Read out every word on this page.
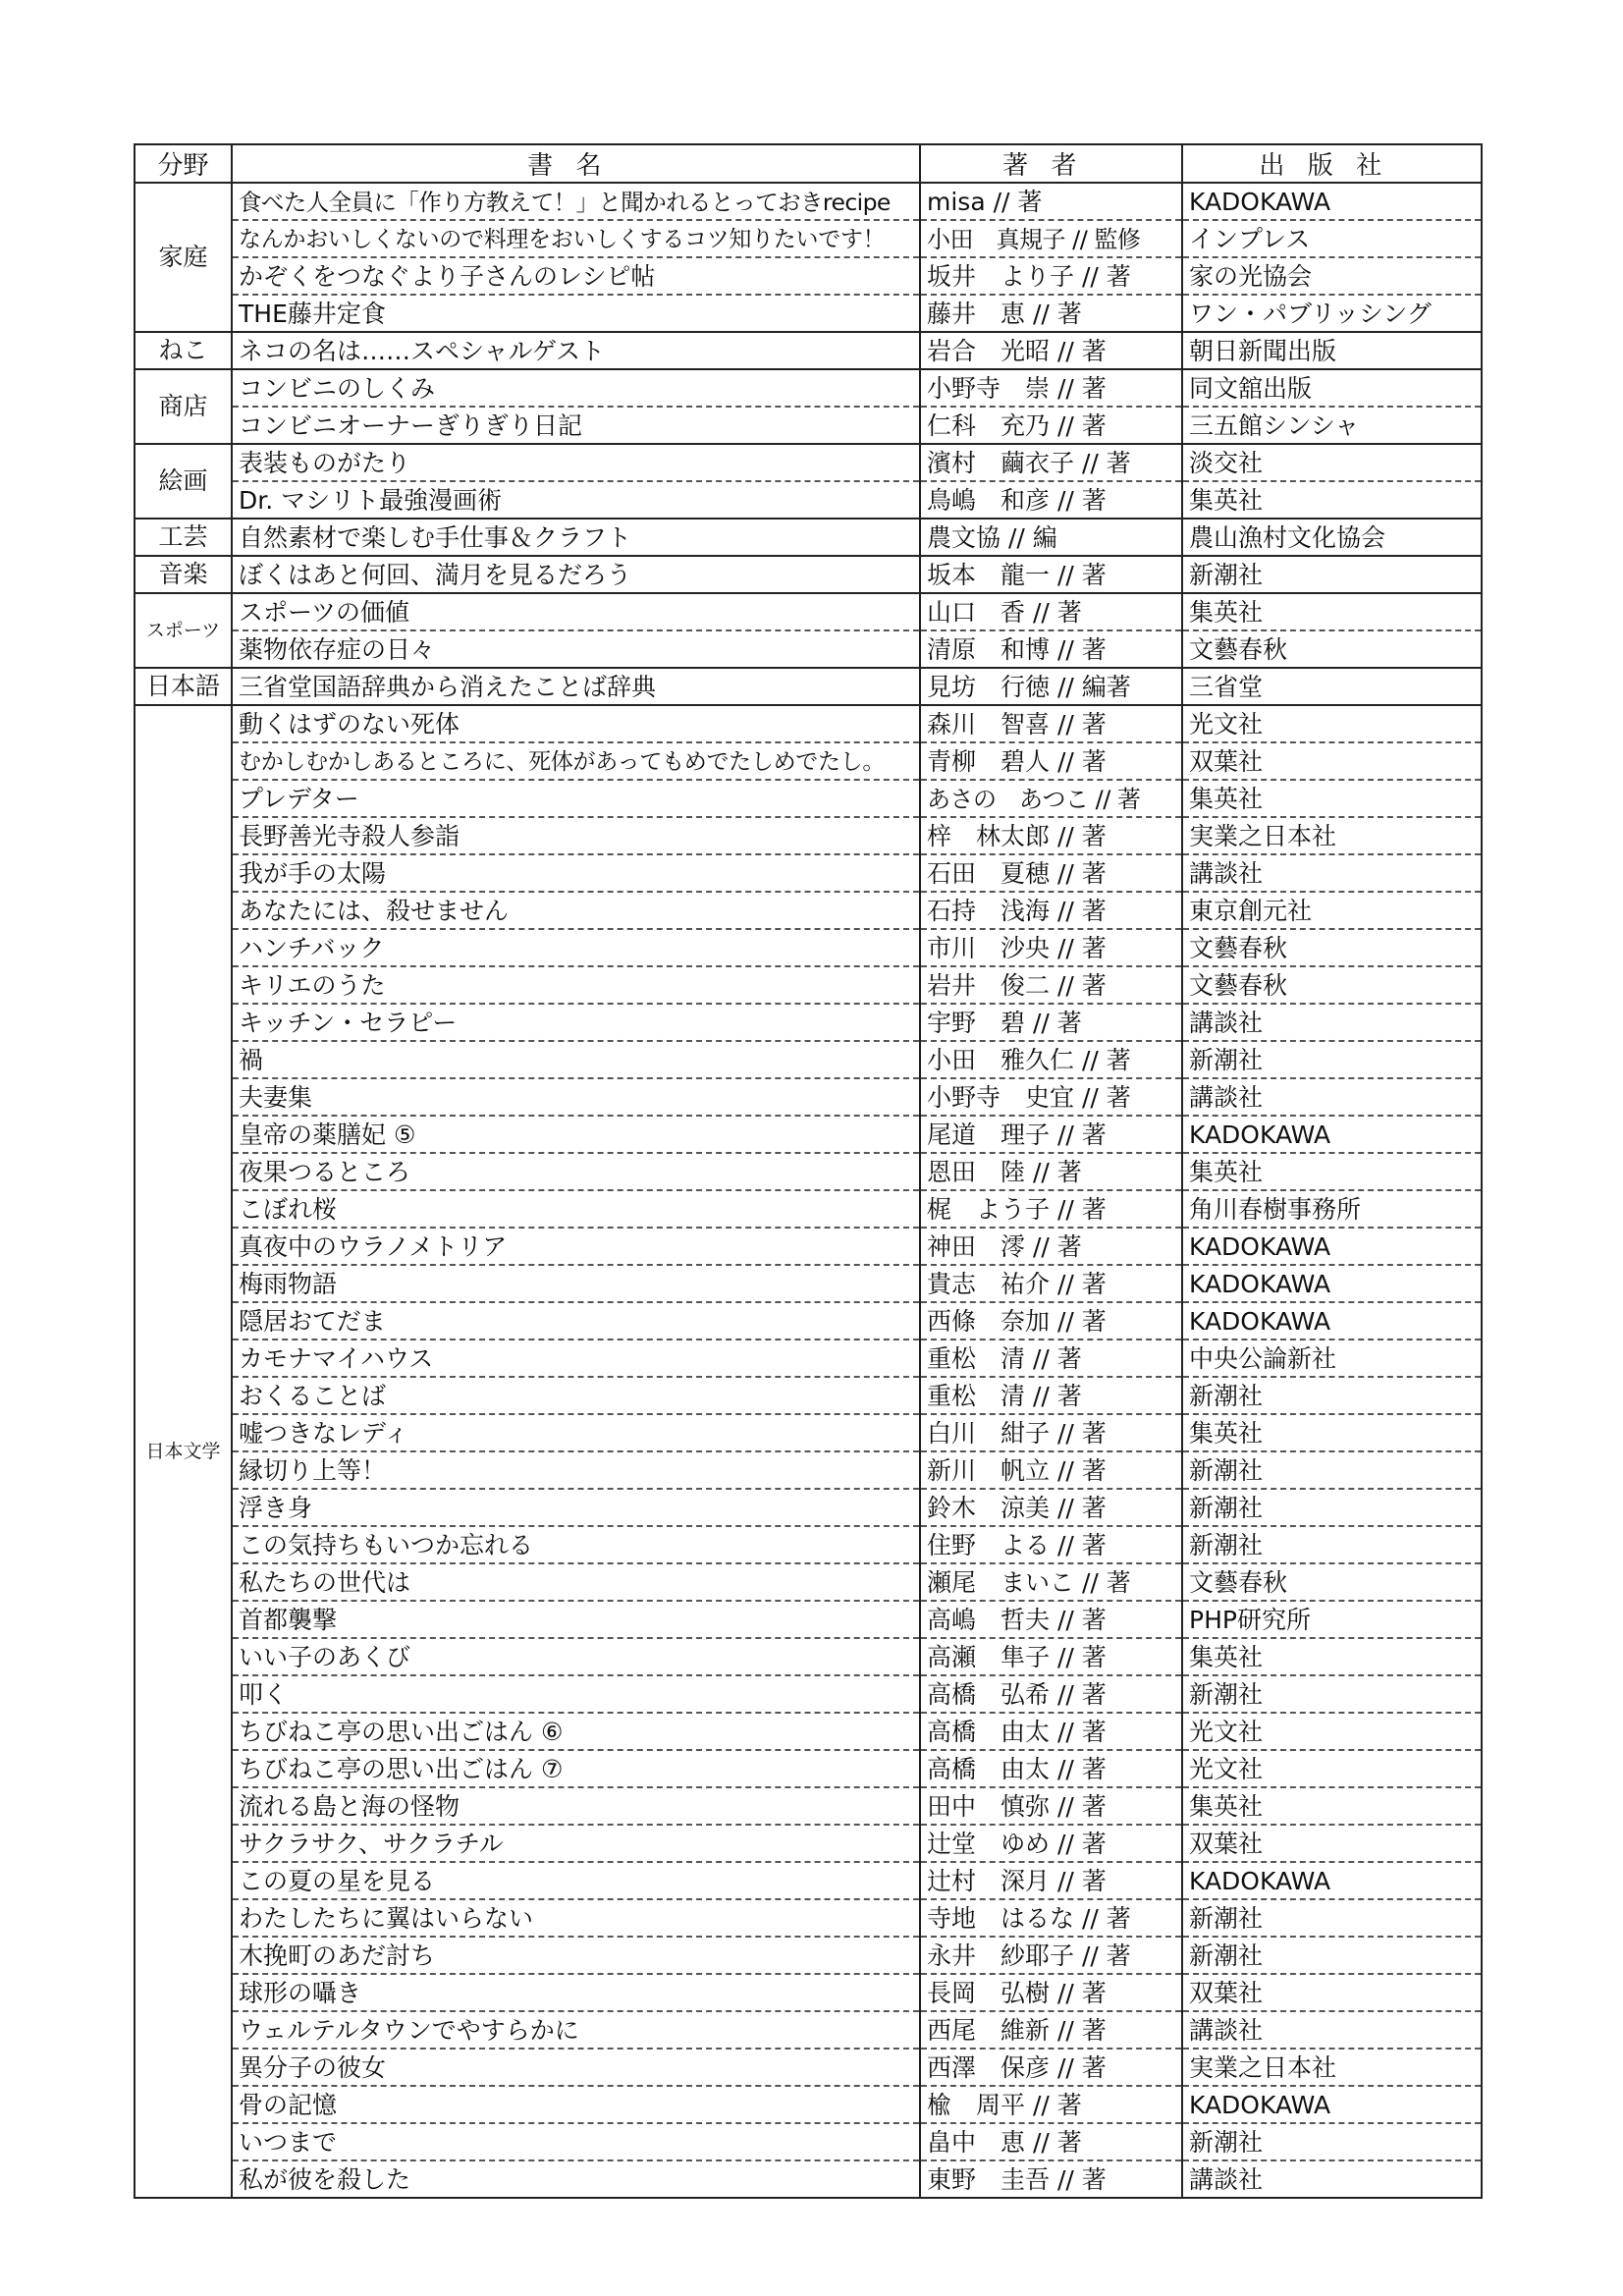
分野	書名	著者	出版社
家庭	食べた人全員に「作り方教えて！」と聞かれるとっておきrecipe	misa // 著	KADOKAWA
	なんかおいしくないので料理をおいしくするコツ知りたいです！	小田　真規子 // 監修	インプレス
	かぞくをつなぐより子さんのレシピ帖	坂井　より子 // 著	家の光協会
	THE藤井定食	藤井　恵 // 著	ワン・パブリッシング
ねこ	ネコの名は……スペシャルゲスト	岩合　光昭 // 著	朝日新聞出版
商店	コンビニのしくみ	小野寺　崇 // 著	同文舘出版
	コンビニオーナーぎりぎり日記	仁科　充乃 // 著	三五館シンシャ
絵画	表装ものがたり	濱村　繭衣子 // 著	淡交社
	Dr. マシリト最強漫画術	鳥嶋　和彦 // 著	集英社
工芸	自然素材で楽しむ手仕事＆クラフト	農文協 // 編	農山漁村文化協会
音楽	ぼくはあと何回、満月を見るだろう	坂本　龍一 // 著	新潮社
スポーツ	スポーツの価値	山口　香 // 著	集英社
	薬物依存症の日々	清原　和博 // 著	文藝春秋
日本語	三省堂国語辞典から消えたことば辞典	見坊　行徳 // 編著	三省堂
日本文学	動くはずのない死体	森川　智喜 // 著	光文社
	むかしむかしあるところに、死体があってもめでたしめでたし。	青柳　碧人 // 著	双葉社
	プレデター	あさの　あつこ // 著	集英社
	長野善光寺殺人参詣	梓　林太郎 // 著	実業之日本社
	我が手の太陽	石田　夏穂 // 著	講談社
	あなたには、殺せません	石持　浅海 // 著	東京創元社
	ハンチバック	市川　沙央 // 著	文藝春秋
	キリエのうた	岩井　俊二 // 著	文藝春秋
	キッチン・セラピー	宇野　碧 // 著	講談社
	禍	小田　雅久仁 // 著	新潮社
	夫妻集	小野寺　史宜 // 著	講談社
	皇帝の薬膳妃 ⑤	尾道　理子 // 著	KADOKAWA
	夜果つるところ	恩田　陸 // 著	集英社
	こぼれ桜	梶　よう子 // 著	角川春樹事務所
	真夜中のウラノメトリア	神田　澪 // 著	KADOKAWA
	梅雨物語	貴志　祐介 // 著	KADOKAWA
	隠居おてだま	西條　奈加 // 著	KADOKAWA
	カモナマイハウス	重松　清 // 著	中央公論新社
	おくることば	重松　清 // 著	新潮社
	嘘つきなレディ	白川　紺子 // 著	集英社
	縁切り上等！	新川　帆立 // 著	新潮社
	浮き身	鈴木　涼美 // 著	新潮社
	この気持ちもいつか忘れる	住野　よる // 著	新潮社
	私たちの世代は	瀬尾　まいこ // 著	文藝春秋
	首都襲撃	高嶋　哲夫 // 著	PHP研究所
	いい子のあくび	高瀬　隼子 // 著	集英社
	叩く	高橋　弘希 // 著	新潮社
	ちびねこ亭の思い出ごはん ⑥	高橋　由太 // 著	光文社
	ちびねこ亭の思い出ごはん ⑦	高橋　由太 // 著	光文社
	流れる島と海の怪物	田中　慎弥 // 著	集英社
	サクラサク、サクラチル	辻堂　ゆめ // 著	双葉社
	この夏の星を見る	辻村　深月 // 著	KADOKAWA
	わたしたちに翼はいらない	寺地　はるな // 著	新潮社
	木挽町のあだ討ち	永井　紗耶子 // 著	新潮社
	球形の囁き	長岡　弘樹 // 著	双葉社
	ウェルテルタウンでやすらかに	西尾　維新 // 著	講談社
	異分子の彼女	西澤　保彦 // 著	実業之日本社
	骨の記憶	楡　周平 // 著	KADOKAWA
	いつまで	畠中　恵 // 著	新潮社
	私が彼を殺した	東野　圭吾 // 著	講談社
